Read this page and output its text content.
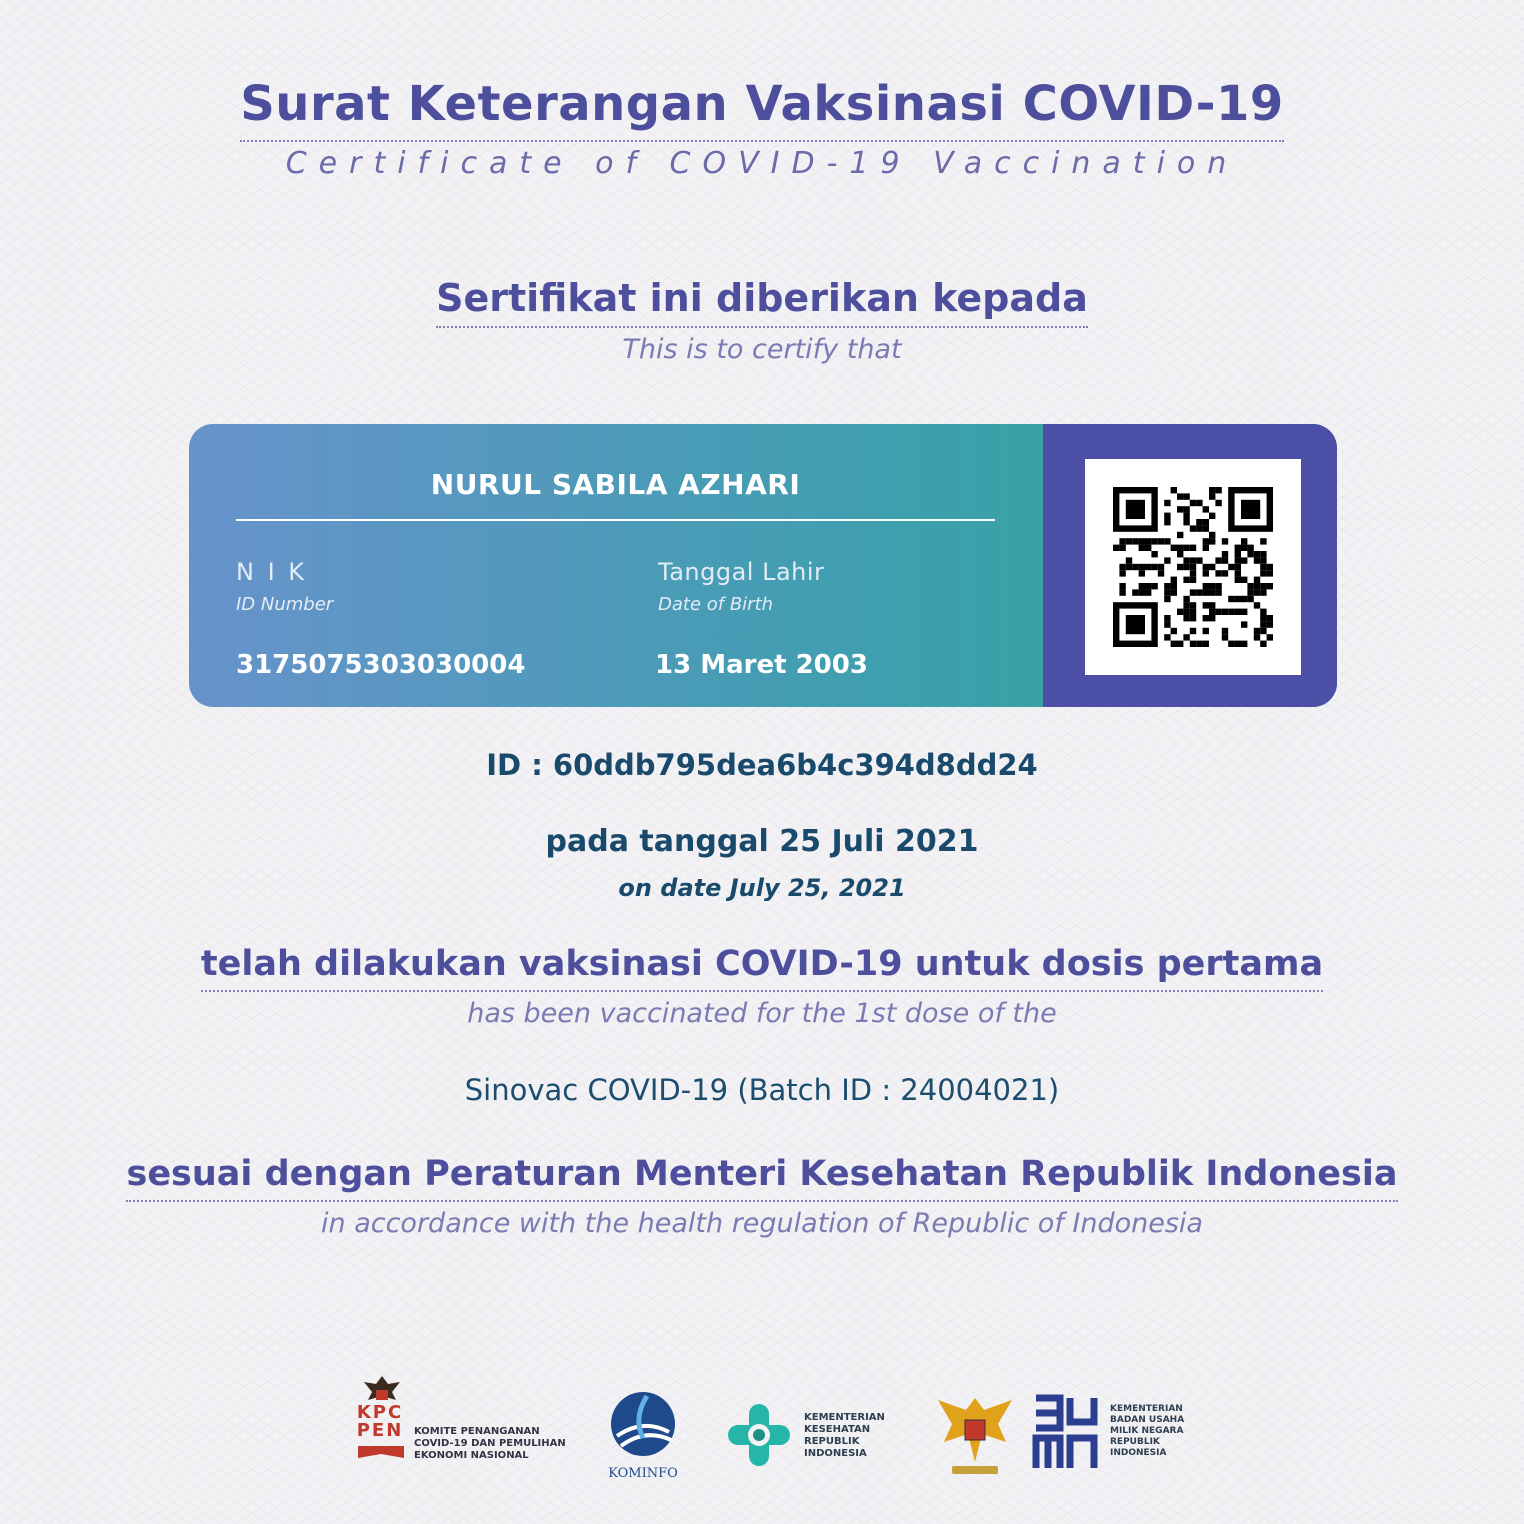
Surat Keterangan Vaksinasi COVID-19
Certificate of COVID-19 Vaccination
Sertifikat ini diberikan kepada
This is to certify that
NURUL SABILA AZHARI
N I K
ID Number
3175075303030004
Tanggal Lahir
Date of Birth
13 Maret 2003
ID : 60ddb795dea6b4c394d8dd24
pada tanggal 25 Juli 2021
on date July 25, 2021
telah dilakukan vaksinasi COVID-19 untuk dosis pertama
has been vaccinated for the 1st dose of the
Sinovac COVID-19 (Batch ID : 24004021)
sesuai dengan Peraturan Menteri Kesehatan Republik Indonesia
in accordance with the health regulation of Republic of Indonesia
KPC
PEN KOMITE PENANGANAN
COVID-19 DAN PEMULIHAN
EKONOMI NASIONAL
KOMINFO
KEMENTERIAN
KESEHATAN
REPUBLIK
INDONESIA
KEMENTERIAN
BADAN USAHA
MILIK NEGARA
REPUBLIK
INDONESIA
